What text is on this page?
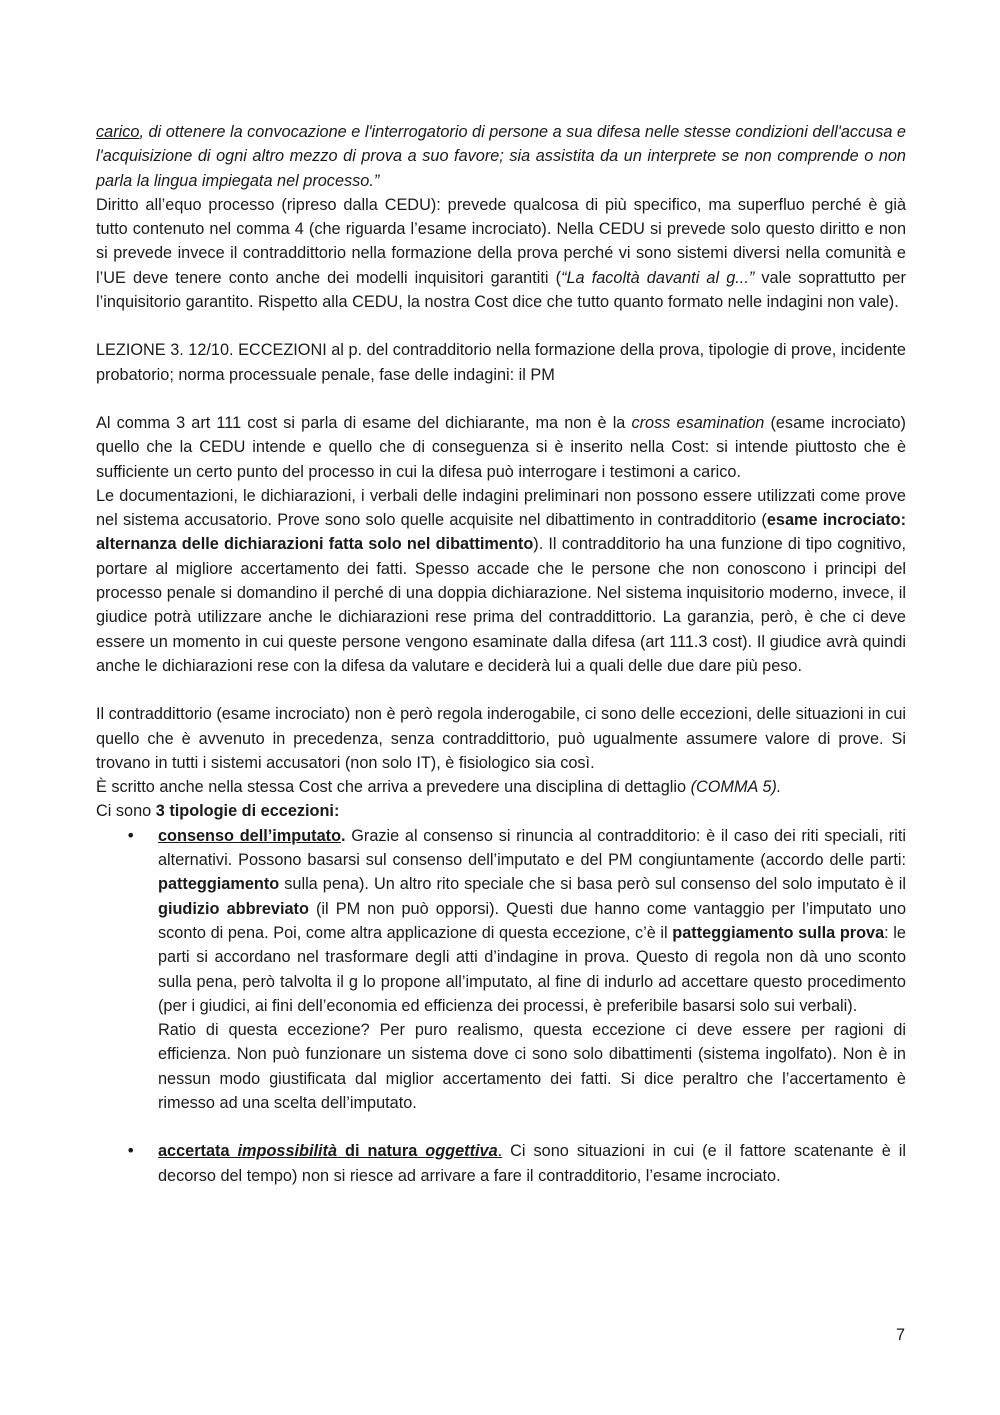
carico, di ottenere la convocazione e l'interrogatorio di persone a sua difesa nelle stesse condizioni dell'accusa e l'acquisizione di ogni altro mezzo di prova a suo favore; sia assistita da un interprete se non comprende o non parla la lingua impiegata nel processo.”

Diritto all’equo processo (ripreso dalla CEDU): prevede qualcosa di più specifico, ma superfluo perché è già tutto contenuto nel comma 4 (che riguarda l’esame incrociato). Nella CEDU si prevede solo questo diritto e non si prevede invece il contraddittorio nella formazione della prova perché vi sono sistemi diversi nella comunità e l’UE deve tenere conto anche dei modelli inquisitori garantiti (“La facoltà davanti al g...” vale soprattutto per l’inquisitorio garantito. Rispetto alla CEDU, la nostra Cost dice che tutto quanto formato nelle indagini non vale).

LEZIONE 3. 12/10. ECCEZIONI al p. del contradditorio nella formazione della prova, tipologie di prove, incidente probatorio; norma processuale penale, fase delle indagini: il PM

Al comma 3 art 111 cost si parla di esame del dichiarante, ma non è la cross esamination (esame incrociato) quello che la CEDU intende e quello che di conseguenza si è inserito nella Cost: si intende piuttosto che è sufficiente un certo punto del processo in cui la difesa può interrogare i testimoni a carico.

Le documentazioni, le dichiarazioni, i verbali delle indagini preliminari non possono essere utilizzati come prove nel sistema accusatorio. Prove sono solo quelle acquisite nel dibattimento in contradditorio (esame incrociato: alternanza delle dichiarazioni fatta solo nel dibattimento). Il contradditorio ha una funzione di tipo cognitivo, portare al migliore accertamento dei fatti. Spesso accade che le persone che non conoscono i principi del processo penale si domandino il perché di una doppia dichiarazione. Nel sistema inquisitorio moderno, invece, il giudice potrà utilizzare anche le dichiarazioni rese prima del contraddittorio. La garanzia, però, è che ci deve essere un momento in cui queste persone vengono esaminate dalla difesa (art 111.3 cost). Il giudice avrà quindi anche le dichiarazioni rese con la difesa da valutare e deciderà lui a quali delle due dare più peso.

Il contraddittorio (esame incrociato) non è però regola inderogabile, ci sono delle eccezioni, delle situazioni in cui quello che è avvenuto in precedenza, senza contraddittorio, può ugualmente assumere valore di prove. Si trovano in tutti i sistemi accusatori (non solo IT), è fisiologico sia così.

È scritto anche nella stessa Cost che arriva a prevedere una disciplina di dettaglio (COMMA 5).

Ci sono 3 tipologie di eccezioni:

• consenso dell’imputato. Grazie al consenso si rinuncia al contradditorio: è il caso dei riti speciali, riti alternativi. Possono basarsi sul consenso dell’imputato e del PM congiuntamente (accordo delle parti: patteggiamento sulla pena). Un altro rito speciale che si basa però sul consenso del solo imputato è il giudizio abbreviato (il PM non può opporsi). Questi due hanno come vantaggio per l’imputato uno sconto di pena. Poi, come altra applicazione di questa eccezione, c’è il patteggiamento sulla prova: le parti si accordano nel trasformare degli atti d’indagine in prova. Questo di regola non dà uno sconto sulla pena, però talvolta il g lo propone all’imputato, al fine di indurlo ad accettare questo procedimento (per i giudici, ai fini dell’economia ed efficienza dei processi, è preferibile basarsi solo sui verbali).

Ratio di questa eccezione? Per puro realismo, questa eccezione ci deve essere per ragioni di efficienza. Non può funzionare un sistema dove ci sono solo dibattimenti (sistema ingolfato). Non è in nessun modo giustificata dal miglior accertamento dei fatti. Si dice peraltro che l’accertamento è rimesso ad una scelta dell’imputato.

• accertata impossibilità di natura oggettiva. Ci sono situazioni in cui (e il fattore scatenante è il decorso del tempo) non si riesce ad arrivare a fare il contradditorio, l’esame incrociato.

7
